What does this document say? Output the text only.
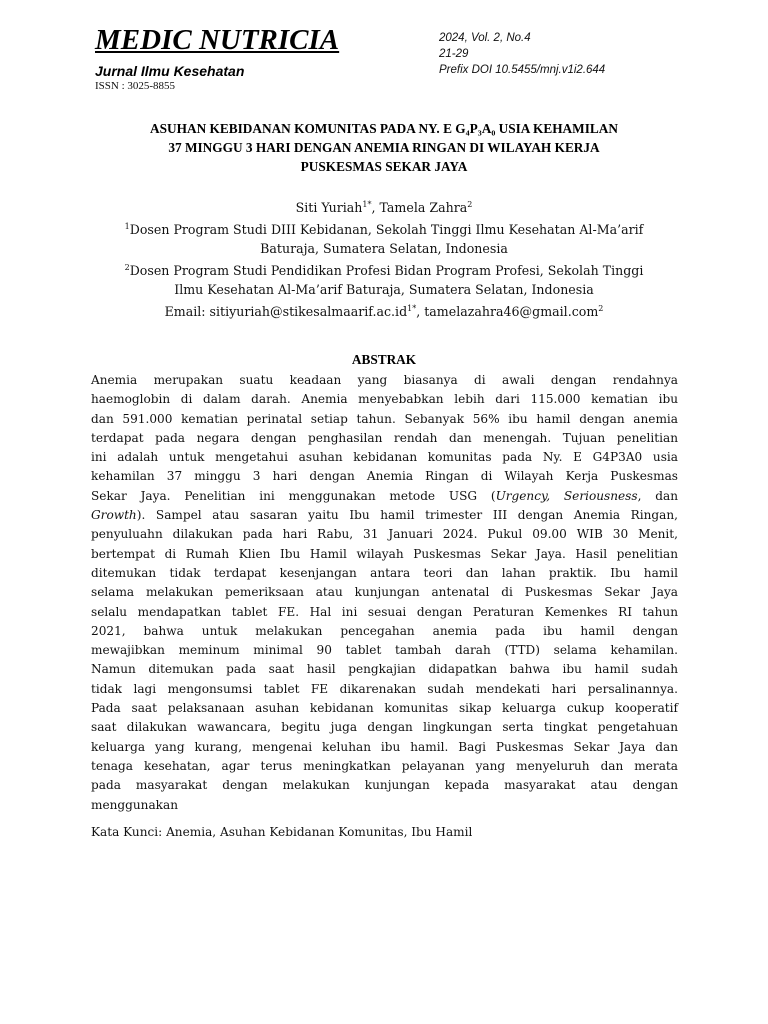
MEDIC NUTRICIA
Jurnal Ilmu Kesehatan
ISSN : 3025-8855
2024, Vol. 2, No.4
21-29
Prefix DOI 10.5455/mnj.v1i2.644
ASUHAN KEBIDANAN KOMUNITAS PADA NY. E G₄P₃A₀ USIA KEHAMILAN
37 MINGGU 3 HARI DENGAN ANEMIA RINGAN DI WILAYAH KERJA
PUSKESMAS SEKAR JAYA
Siti Yuriah$^{1*}$, Tamela Zahra$^2$
$^1$Dosen Program Studi DIII Kebidanan, Sekolah Tinggi Ilmu Kesehatan Al-Ma’arif
Baturaja, Sumatera Selatan, Indonesia
$^2$Dosen Program Studi Pendidikan Profesi Bidan Program Profesi, Sekolah Tinggi
Ilmu Kesehatan Al-Ma’arif Baturaja, Sumatera Selatan, Indonesia
Email: $sitiyuriah@stikesalmaarif.ac.id^{1*}$, tamelazahra46@gmail.com$^2$
ABSTRAK
Anemia merupakan suatu keadaan yang biasanya di awali dengan rendahnya
haemoglobin di dalam darah. Anemia menyebabkan lebih dari 115.000 kematian ibu
dan 591.000 kematian perinatal setiap tahun. Sebanyak 56% ibu hamil dengan anemia
terdapat pada negara dengan penghasilan rendah dan menengah. Tujuan penelitian
ini adalah untuk mengetahui asuhan kebidanan komunitas pada Ny. E G4P3A0 usia
kehamilan 37 minggu 3 hari dengan Anemia Ringan di Wilayah Kerja Puskesmas
Sekar Jaya. Penelitian ini menggunakan metode USG (Urgency, Seriousness, dan
Growth). Sampel atau sasaran yaitu Ibu hamil trimester III dengan Anemia Ringan,
penyuluahn dilakukan pada hari Rabu, 31 Januari 2024. Pukul 09.00 WIB 30 Menit,
bertempat di Rumah Klien Ibu Hamil wilayah Puskesmas Sekar Jaya. Hasil penelitian
ditemukan tidak terdapat kesenjangan antara teori dan lahan praktik. Ibu hamil
selama melakukan pemeriksaan atau kunjungan antenatal di Puskesmas Sekar Jaya
selalu mendapatkan tablet FE. Hal ini sesuai dengan Peraturan Kemenkes RI tahun
2021, bahwa untuk melakukan pencegahan anemia pada ibu hamil dengan
mewajibkan meminum minimal 90 tablet tambah darah (TTD) selama kehamilan.
Namun ditemukan pada saat hasil pengkajian didapatkan bahwa ibu hamil sudah
tidak lagi mengonsumsi tablet FE dikarenakan sudah mendekati hari persalinannya.
Pada saat pelaksanaan asuhan kebidanan komunitas sikap keluarga cukup kooperatif
saat dilakukan wawancara, begitu juga dengan lingkungan serta tingkat pengetahuan
keluarga yang kurang, mengenai keluhan ibu hamil. Bagi Puskesmas Sekar Jaya dan
tenaga kesehatan, agar terus meningkatkan pelayanan yang menyeluruh dan merata
pada masyarakat dengan melakukan kunjungan kepada masyarakat atau dengan
menggunakan
Kata Kunci: Anemia, Asuhan Kebidanan Komunitas, Ibu Hamil
